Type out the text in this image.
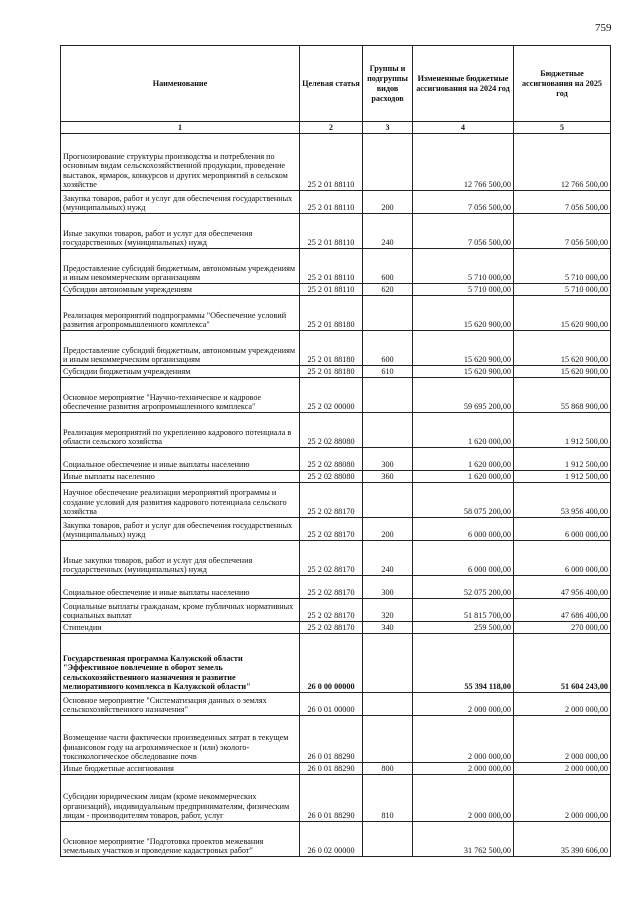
759
Наименование	Целевая статья	Группы и подгруппы видов расходов	Измененные бюджетные ассигнования на 2024 год	Бюджетные ассигнования на 2025 год
1	2	3	4	5
Прогнозирование структуры производства и потребления по основным видам сельскохозяйственной продукции, проведение выставок, ярмарок, конкурсов и других мероприятий в сельском хозяйстве	25 2 01 88110		12 766 500,00	12 766 500,00
Закупка товаров, работ и услуг для обеспечения государственных (муниципальных) нужд	25 2 01 88110	200	7 056 500,00	7 056 500,00
Иные закупки товаров, работ и услуг для обеспечения государственных (муниципальных) нужд	25 2 01 88110	240	7 056 500,00	7 056 500,00
Предоставление субсидий бюджетным, автономным учреждениям и иным некоммерческим организациям	25 2 01 88110	600	5 710 000,00	5 710 000,00
Субсидии автономным учреждениям	25 2 01 88110	620	5 710 000,00	5 710 000,00
Реализация мероприятий подпрограммы "Обеспечение условий развития агропромышленного комплекса"	25 2 01 88180		15 620 900,00	15 620 900,00
Предоставление субсидий бюджетным, автономным учреждениям и иным некоммерческим организациям	25 2 01 88180	600	15 620 900,00	15 620 900,00
Субсидии бюджетным учреждениям	25 2 01 88180	610	15 620 900,00	15 620 900,00
Основное мероприятие "Научно-техническое и кадровое обеспечение развития агропромышленного комплекса"	25 2 02 00000		59 695 200,00	55 868 900,00
Реализация мероприятий по укреплению кадрового потенциала в области сельского хозяйства	25 2 02 88080		1 620 000,00	1 912 500,00
Социальное обеспечение и иные выплаты населению	25 2 02 88080	300	1 620 000,00	1 912 500,00
Иные выплаты населению	25 2 02 88080	360	1 620 000,00	1 912 500,00
Научное обеспечение реализации мероприятий программы и создание условий для развития кадрового потенциала сельского хозяйства	25 2 02 88170		58 075 200,00	53 956 400,00
Закупка товаров, работ и услуг для обеспечения государственных (муниципальных) нужд	25 2 02 88170	200	6 000 000,00	6 000 000,00
Иные закупки товаров, работ и услуг для обеспечения государственных (муниципальных) нужд	25 2 02 88170	240	6 000 000,00	6 000 000,00
Социальное обеспечение и иные выплаты населению	25 2 02 88170	300	52 075 200,00	47 956 400,00
Социальные выплаты гражданам, кроме публичных нормативных социальных выплат	25 2 02 88170	320	51 815 700,00	47 686 400,00
Стипендии	25 2 02 88170	340	259 500,00	270 000,00
Государственная программа Калужской области "Эффективное вовлечение в оборот земель сельскохозяйственного назначения и развитие мелиоративного комплекса в Калужской области"	26 0 00 00000		55 394 118,00	51 604 243,00
Основное мероприятие "Систематизация данных о землях сельскохозяйственного назначения"	26 0 01 00000		2 000 000,00	2 000 000,00
Возмещение части фактически произведенных затрат в текущем финансовом году на агрохимическое и (или) эколого-токсикологическое обследование почв	26 0 01 88290		2 000 000,00	2 000 000,00
Иные бюджетные ассигнования	26 0 01 88290	800	2 000 000,00	2 000 000,00
Субсидии юридическим лицам (кроме некоммерческих организаций), индивидуальным предпринимателям, физическим лицам - производителям товаров, работ, услуг	26 0 01 88290	810	2 000 000,00	2 000 000,00
Основное мероприятие "Подготовка проектов межевания земельных участков и проведение кадастровых работ"	26 0 02 00000		31 762 500,00	35 390 606,00
